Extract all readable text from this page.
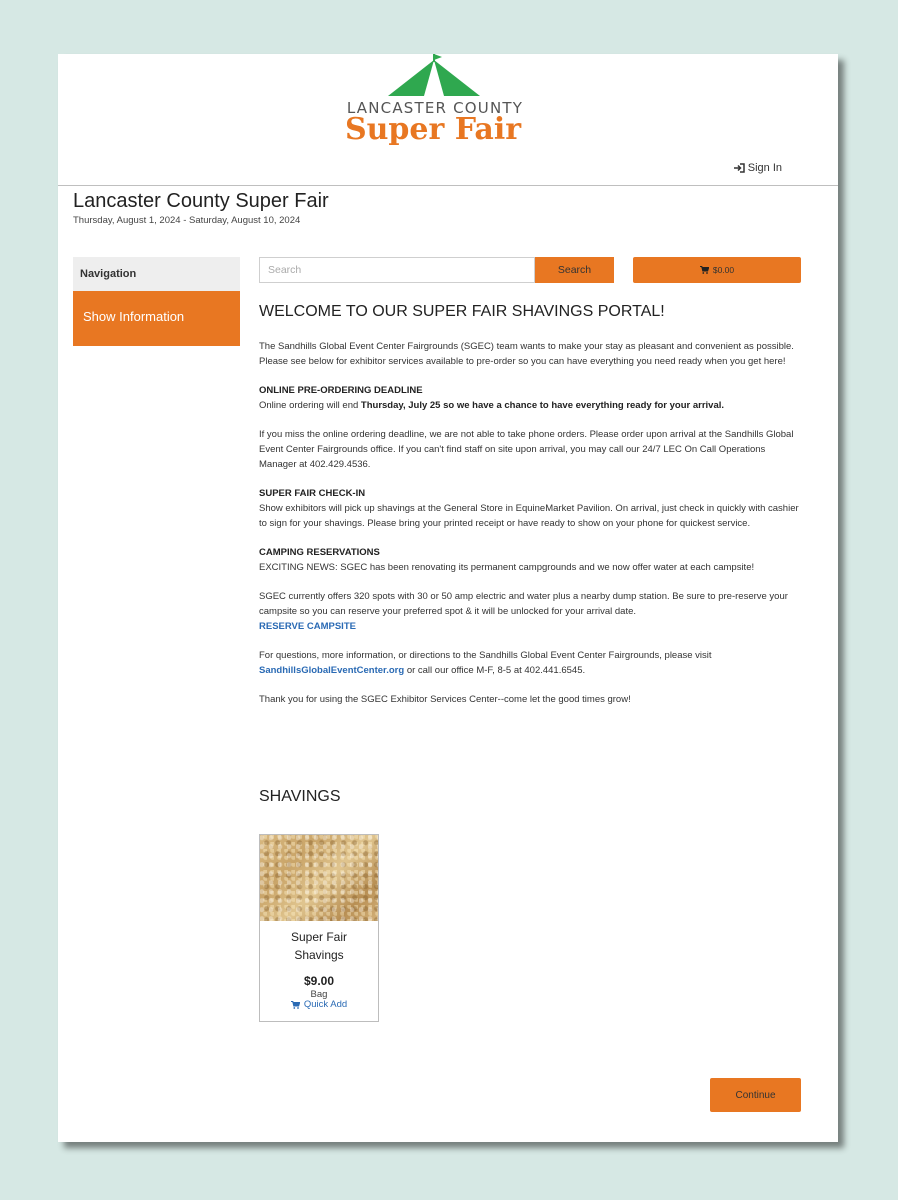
LANCASTER COUNTY
Super Fair
Sign In
Lancaster County Super Fair
Thursday, August 1, 2024 - Saturday, August 10, 2024
Navigation
Show Information
Search
Search	$0.00
WELCOME TO OUR SUPER FAIR SHAVINGS PORTAL!

The Sandhills Global Event Center Fairgrounds (SGEC) team wants to make your stay as pleasant and convenient as possible. Please see below for exhibitor services available to pre-order so you can have everything you need ready when you get here!

ONLINE PRE-ORDERING DEADLINE
Online ordering will end Thursday, July 25 so we have a chance to have everything ready for your arrival.

If you miss the online ordering deadline, we are not able to take phone orders. Please order upon arrival at the Sandhills Global Event Center Fairgrounds office. If you can't find staff on site upon arrival, you may call our 24/7 LEC On Call Operations Manager at 402.429.4536.

SUPER FAIR CHECK-IN
Show exhibitors will pick up shavings at the General Store in EquineMarket Pavilion. On arrival, just check in quickly with cashier to sign for your shavings. Please bring your printed receipt or have ready to show on your phone for quickest service.

CAMPING RESERVATIONS
EXCITING NEWS: SGEC has been renovating its permanent campgrounds and we now offer water at each campsite!

SGEC currently offers 320 spots with 30 or 50 amp electric and water plus a nearby dump station. Be sure to pre-reserve your campsite so you can reserve your preferred spot & it will be unlocked for your arrival date.
RESERVE CAMPSITE

For questions, more information, or directions to the Sandhills Global Event Center Fairgrounds, please visit
SandhillsGlobalEventCenter.org or call our office M-F, 8-5 at 402.441.6545.

Thank you for using the SGEC Exhibitor Services Center--come let the good times grow!

SHAVINGS
Super Fair
Shavings
$9.00
Bag
Quick Add
Continue
